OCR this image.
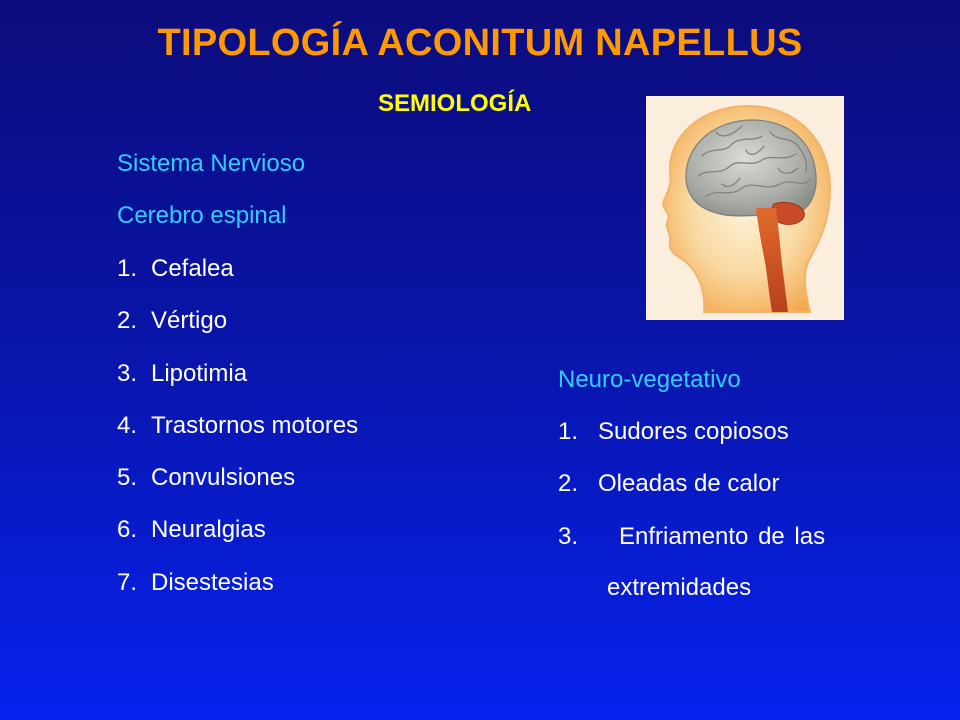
TIPOLOGÍA ACONITUM NAPELLUS
SEMIOLOGÍA
Sistema Nervioso
Cerebro espinal
1. Cefalea
2. Vértigo
3. Lipotimia
4. Trastornos motores
5. Convulsiones
6. Neuralgias
7. Disestesias
Neuro-vegetativo
1. Sudores copiosos
2. Oleadas de calor
3. Enfriamento de las
extremidades
